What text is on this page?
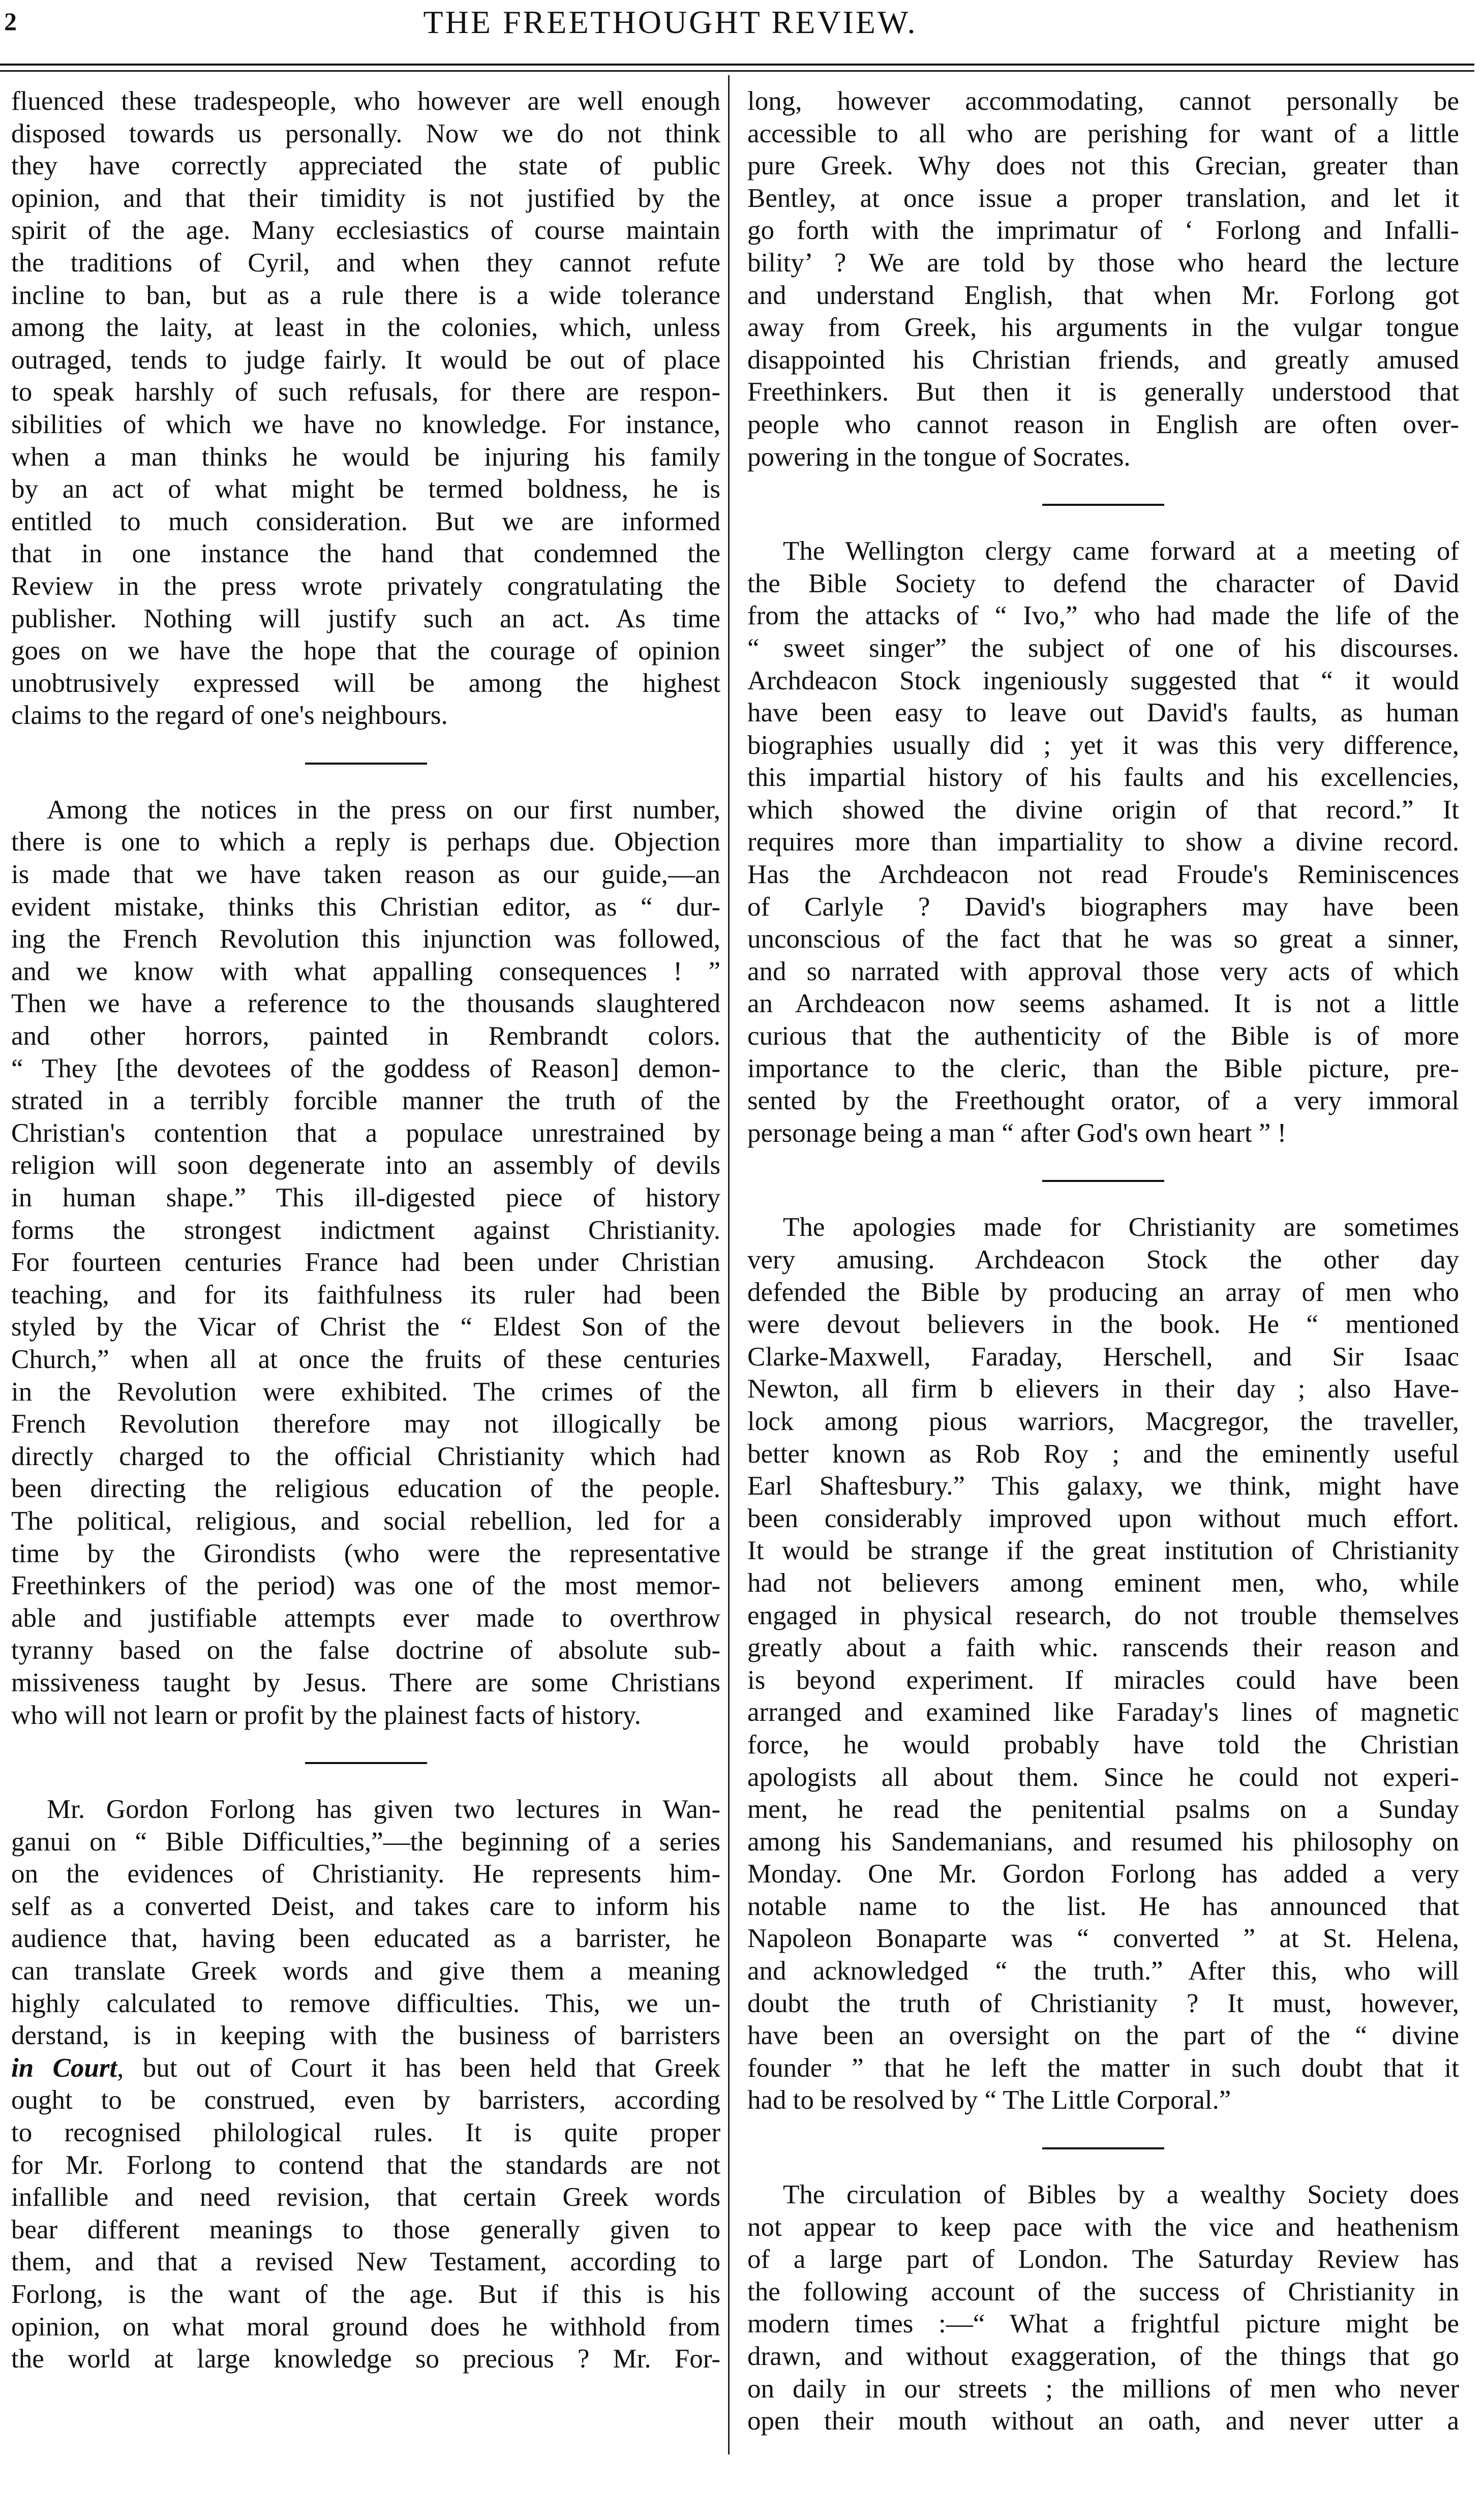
2	THE FREETHOUGHT REVIEW.
fluenced these tradespeople, who however are well enough
disposed towards us personally. Now we do not think
they have correctly appreciated the state of public
opinion, and that their timidity is not justified by the
spirit of the age. Many ecclesiastics of course maintain
the traditions of Cyril, and when they cannot refute
incline to ban, but as a rule there is a wide tolerance
among the laity, at least in the colonies, which, unless
outraged, tends to judge fairly. It would be out of place
to speak harshly of such refusals, for there are respon-
sibilities of which we have no knowledge. For instance,
when a man thinks he would be injuring his family
by an act of what might be termed boldness, he is
entitled to much consideration. But we are informed
that in one instance the hand that condemned the
Review in the press wrote privately congratulating the
publisher. Nothing will justify such an act. As time
goes on we have the hope that the courage of opinion
unobtrusively expressed will be among the highest
claims to the regard of one's neighbours.
Among the notices in the press on our first number,
there is one to which a reply is perhaps due. Objection
is made that we have taken reason as our guide,—an
evident mistake, thinks this Christian editor, as “ dur-
ing the French Revolution this injunction was followed,
and we know with what appalling consequences ! ”
Then we have a reference to the thousands slaughtered
and other horrors, painted in Rembrandt colors.
“ They [the devotees of the goddess of Reason] demon-
strated in a terribly forcible manner the truth of the
Christian's contention that a populace unrestrained by
religion will soon degenerate into an assembly of devils
in human shape.” This ill-digested piece of history
forms the strongest indictment against Christianity.
For fourteen centuries France had been under Christian
teaching, and for its faithfulness its ruler had been
styled by the Vicar of Christ the “ Eldest Son of the
Church,” when all at once the fruits of these centuries
in the Revolution were exhibited. The crimes of the
French Revolution therefore may not illogically be
directly charged to the official Christianity which had
been directing the religious education of the people.
The political, religious, and social rebellion, led for a
time by the Girondists (who were the representative
Freethinkers of the period) was one of the most memor-
able and justifiable attempts ever made to overthrow
tyranny based on the false doctrine of absolute sub-
missiveness taught by Jesus. There are some Christians
who will not learn or profit by the plainest facts of history.
Mr. Gordon Forlong has given two lectures in Wan-
ganui on “ Bible Difficulties,”—the beginning of a series
on the evidences of Christianity. He represents him-
self as a converted Deist, and takes care to inform his
audience that, having been educated as a barrister, he
can translate Greek words and give them a meaning
highly calculated to remove difficulties. This, we un-
derstand, is in keeping with the business of barristers
in Court, but out of Court it has been held that Greek
ought to be construed, even by barristers, according
to recognised philological rules. It is quite proper
for Mr. Forlong to contend that the standards are not
infallible and need revision, that certain Greek words
bear different meanings to those generally given to
them, and that a revised New Testament, according to
Forlong, is the want of the age. But if this is his
opinion, on what moral ground does he withhold from
the world at large knowledge so precious ? Mr. For-
long, however accommodating, cannot personally be
accessible to all who are perishing for want of a little
pure Greek. Why does not this Grecian, greater than
Bentley, at once issue a proper translation, and let it
go forth with the imprimatur of ‘ Forlong and Infalli-
bility’ ? We are told by those who heard the lecture
and understand English, that when Mr. Forlong got
away from Greek, his arguments in the vulgar tongue
disappointed his Christian friends, and greatly amused
Freethinkers. But then it is generally understood that
people who cannot reason in English are often over-
powering in the tongue of Socrates.
The Wellington clergy came forward at a meeting of
the Bible Society to defend the character of David
from the attacks of “ Ivo,” who had made the life of the
“ sweet singer” the subject of one of his discourses.
Archdeacon Stock ingeniously suggested that “ it would
have been easy to leave out David's faults, as human
biographies usually did ; yet it was this very difference,
this impartial history of his faults and his excellencies,
which showed the divine origin of that record.” It
requires more than impartiality to show a divine record.
Has the Archdeacon not read Froude's Reminiscences
of Carlyle ? David's biographers may have been
unconscious of the fact that he was so great a sinner,
and so narrated with approval those very acts of which
an Archdeacon now seems ashamed. It is not a little
curious that the authenticity of the Bible is of more
importance to the cleric, than the Bible picture, pre-
sented by the Freethought orator, of a very immoral
personage being a man “ after God's own heart ” !
The apologies made for Christianity are sometimes
very amusing. Archdeacon Stock the other day
defended the Bible by producing an array of men who
were devout believers in the book. He “ mentioned
Clarke-Maxwell, Faraday, Herschell, and Sir Isaac
Newton, all firm b elievers in their day ; also Have-
lock among pious warriors, Macgregor, the traveller,
better known as Rob Roy ; and the eminently useful
Earl Shaftesbury.” This galaxy, we think, might have
been considerably improved upon without much effort.
It would be strange if the great institution of Christianity
had not believers among eminent men, who, while
engaged in physical research, do not trouble themselves
greatly about a faith whic. ranscends their reason and
is beyond experiment. If miracles could have been
arranged and examined like Faraday's lines of magnetic
force, he would probably have told the Christian
apologists all about them. Since he could not experi-
ment, he read the penitential psalms on a Sunday
among his Sandemanians, and resumed his philosophy on
Monday. One Mr. Gordon Forlong has added a very
notable name to the list. He has announced that
Napoleon Bonaparte was “ converted ” at St. Helena,
and acknowledged “ the truth.” After this, who will
doubt the truth of Christianity ? It must, however,
have been an oversight on the part of the “ divine
founder ” that he left the matter in such doubt that it
had to be resolved by “ The Little Corporal.”
The circulation of Bibles by a wealthy Society does
not appear to keep pace with the vice and heathenism
of a large part of London. The Saturday Review has
the following account of the success of Christianity in
modern times :—“ What a frightful picture might be
drawn, and without exaggeration, of the things that go
on daily in our streets ; the millions of men who never
open their mouth without an oath, and never utter a
